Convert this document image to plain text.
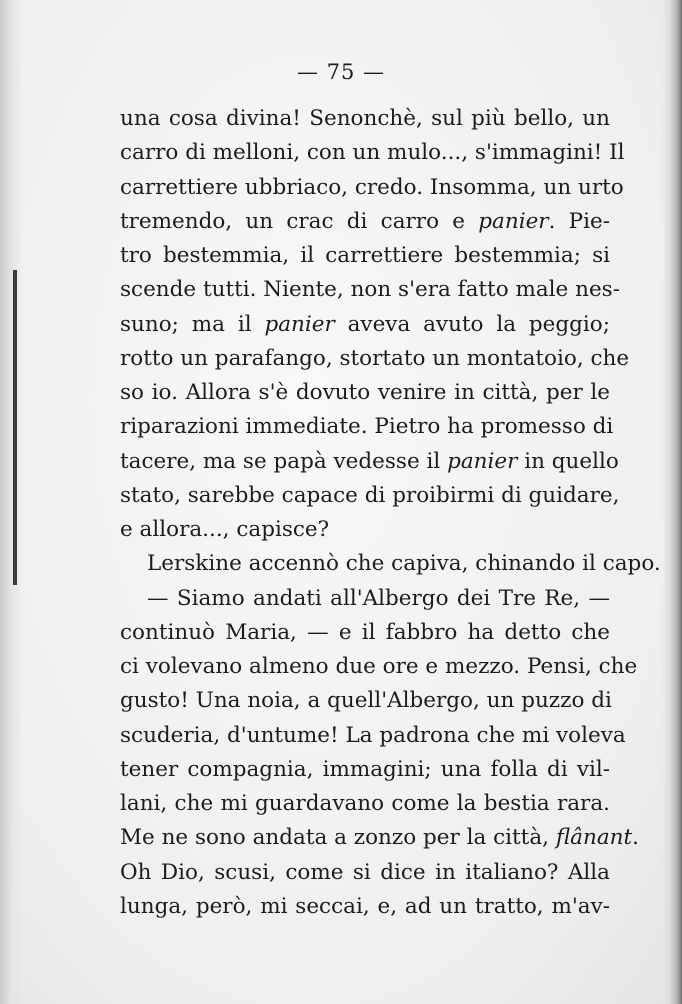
— 75 —
una cosa divina! Senonchè, sul più bello, un
carro di melloni, con un mulo..., s'immagini! Il
carrettiere ubbriaco, credo. Insomma, un urto
tremendo, un crac di carro e panier. Pie-
tro bestemmia, il carrettiere bestemmia; si
scende tutti. Niente, non s'era fatto male nes-
suno; ma il panier aveva avuto la peggio;
rotto un parafango, stortato un montatoio, che
so io. Allora s'è dovuto venire in città, per le
riparazioni immediate. Pietro ha promesso di
tacere, ma se papà vedesse il panier in quello
stato, sarebbe capace di proibirmi di guidare,
e allora..., capisce?
Lerskine accennò che capiva, chinando il capo.
— Siamo andati all'Albergo dei Tre Re, —
continuò Maria, — e il fabbro ha detto che
ci volevano almeno due ore e mezzo. Pensi, che
gusto! Una noia, a quell'Albergo, un puzzo di
scuderia, d'untume! La padrona che mi voleva
tener compagnia, immagini; una folla di vil-
lani, che mi guardavano come la bestia rara.
Me ne sono andata a zonzo per la città, flânant.
Oh Dio, scusi, come si dice in italiano? Alla
lunga, però, mi seccai, e, ad un tratto, m'av-
